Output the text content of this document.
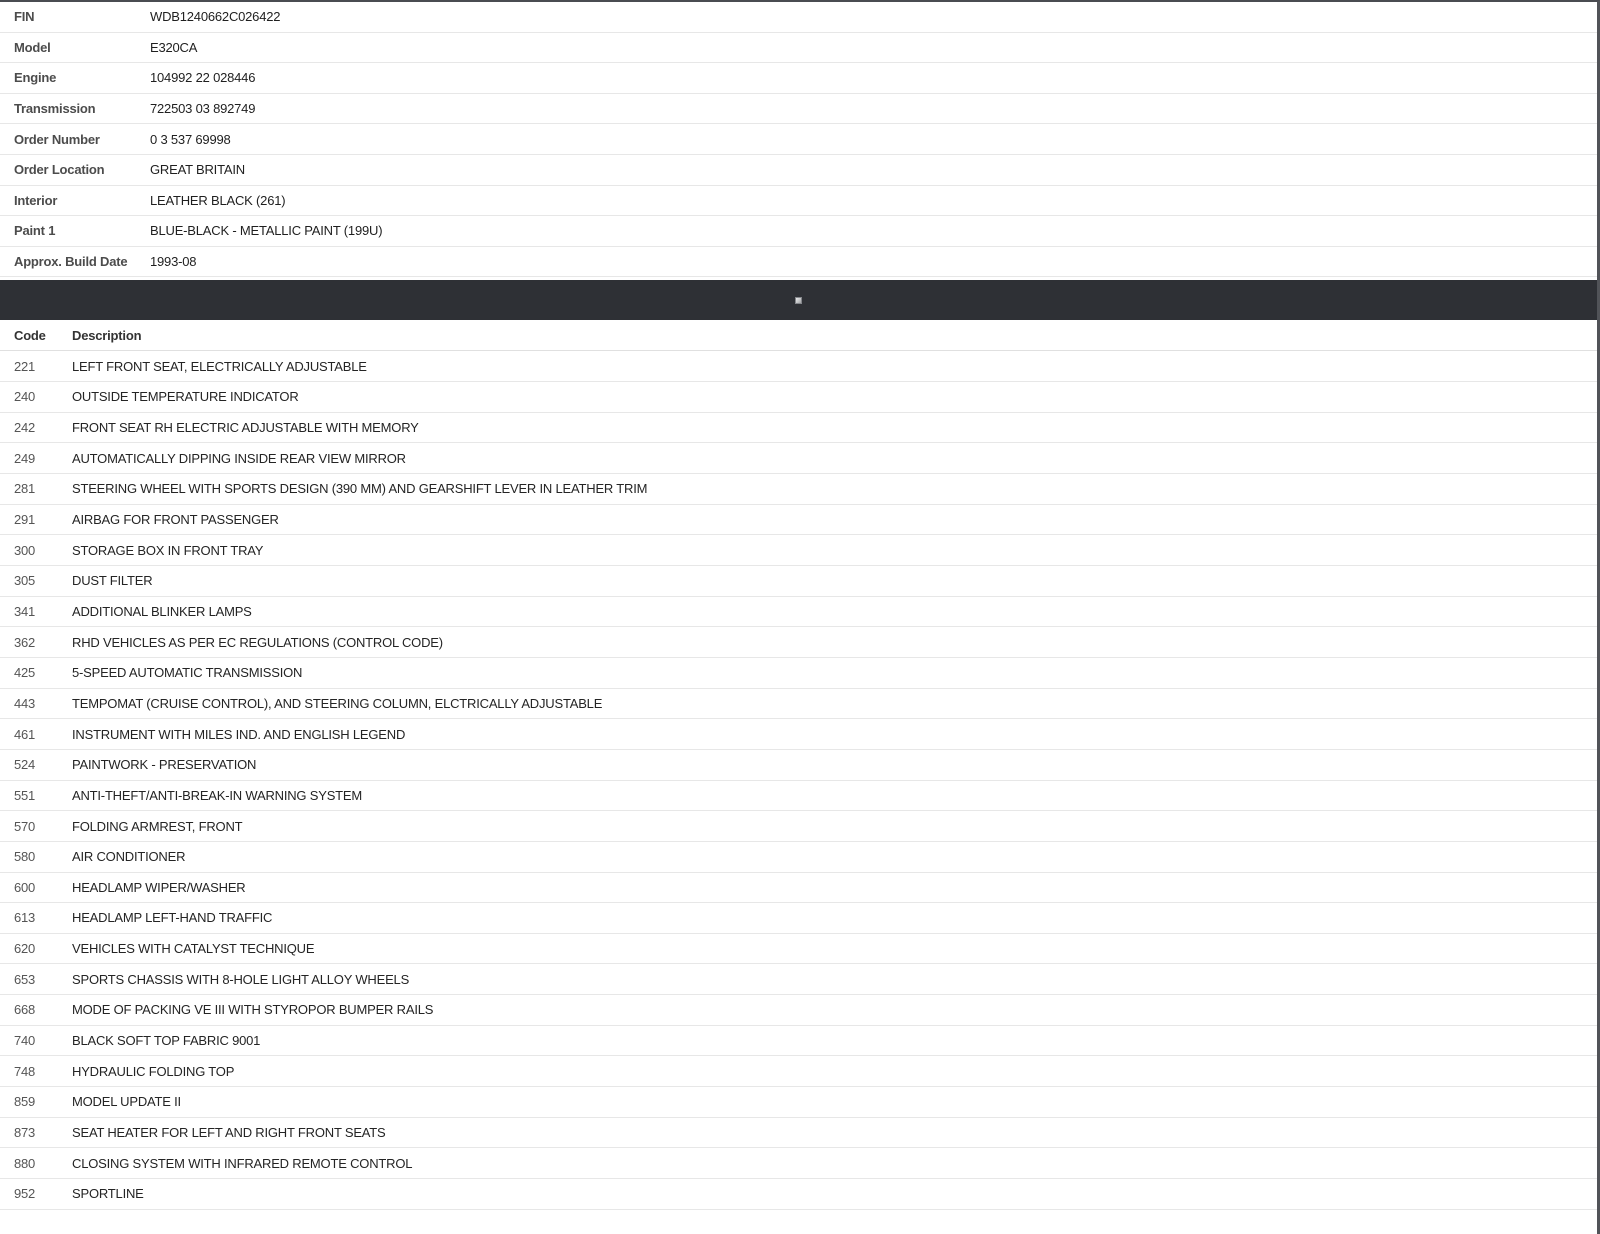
FIN	WDB1240662C026422
Model	E320CA
Engine	104992 22 028446
Transmission	722503 03 892749
Order Number	0 3 537 69998
Order Location	GREAT BRITAIN
Interior	LEATHER BLACK (261)
Paint 1	BLUE-BLACK - METALLIC PAINT (199U)
Approx. Build Date	1993-08
Code	Description
221	LEFT FRONT SEAT, ELECTRICALLY ADJUSTABLE
240	OUTSIDE TEMPERATURE INDICATOR
242	FRONT SEAT RH ELECTRIC ADJUSTABLE WITH MEMORY
249	AUTOMATICALLY DIPPING INSIDE REAR VIEW MIRROR
281	STEERING WHEEL WITH SPORTS DESIGN (390 MM) AND GEARSHIFT LEVER IN LEATHER TRIM
291	AIRBAG FOR FRONT PASSENGER
300	STORAGE BOX IN FRONT TRAY
305	DUST FILTER
341	ADDITIONAL BLINKER LAMPS
362	RHD VEHICLES AS PER EC REGULATIONS (CONTROL CODE)
425	5-SPEED AUTOMATIC TRANSMISSION
443	TEMPOMAT (CRUISE CONTROL), AND STEERING COLUMN, ELCTRICALLY ADJUSTABLE
461	INSTRUMENT WITH MILES IND. AND ENGLISH LEGEND
524	PAINTWORK - PRESERVATION
551	ANTI-THEFT/ANTI-BREAK-IN WARNING SYSTEM
570	FOLDING ARMREST, FRONT
580	AIR CONDITIONER
600	HEADLAMP WIPER/WASHER
613	HEADLAMP LEFT-HAND TRAFFIC
620	VEHICLES WITH CATALYST TECHNIQUE
653	SPORTS CHASSIS WITH 8-HOLE LIGHT ALLOY WHEELS
668	MODE OF PACKING VE III WITH STYROPOR BUMPER RAILS
740	BLACK SOFT TOP FABRIC 9001
748	HYDRAULIC FOLDING TOP
859	MODEL UPDATE II
873	SEAT HEATER FOR LEFT AND RIGHT FRONT SEATS
880	CLOSING SYSTEM WITH INFRARED REMOTE CONTROL
952	SPORTLINE
